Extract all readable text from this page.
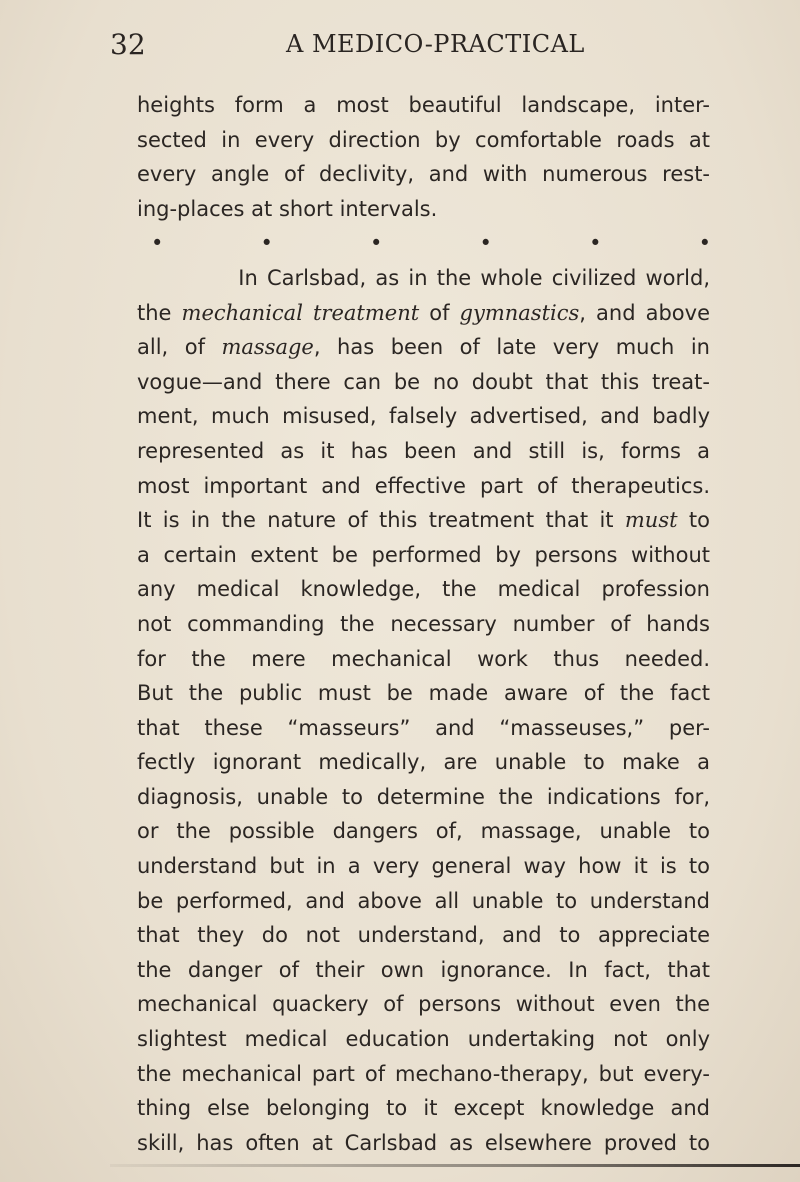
32	A MEDICO-PRACTICAL
heights form a most beautiful landscape, inter-
sected in every direction by comfortable roads at
every angle of declivity, and with numerous rest-
ing-places at short intervals.
•	•	•	•	•	•
In Carlsbad, as in the whole civilized world,
the mechanical treatment of gymnastics, and above
all, of massage, has been of late very much in
vogue—and there can be no doubt that this treat-
ment, much misused, falsely advertised, and badly
represented as it has been and still is, forms a
most important and effective part of therapeutics.
It is in the nature of this treatment that it must to
a certain extent be performed by persons without
any medical knowledge, the medical profession
not commanding the necessary number of hands
for the mere mechanical work thus needed.
But the public must be made aware of the fact
that these “masseurs” and “masseuses,” per-
fectly ignorant medically, are unable to make a
diagnosis, unable to determine the indications for,
or the possible dangers of, massage, unable to
understand but in a very general way how it is to
be performed, and above all unable to understand
that they do not understand, and to appreciate
the danger of their own ignorance. In fact, that
mechanical quackery of persons without even the
slightest medical education undertaking not only
the mechanical part of mechano-therapy, but every-
thing else belonging to it except knowledge and
skill, has often at Carlsbad as elsewhere proved to
